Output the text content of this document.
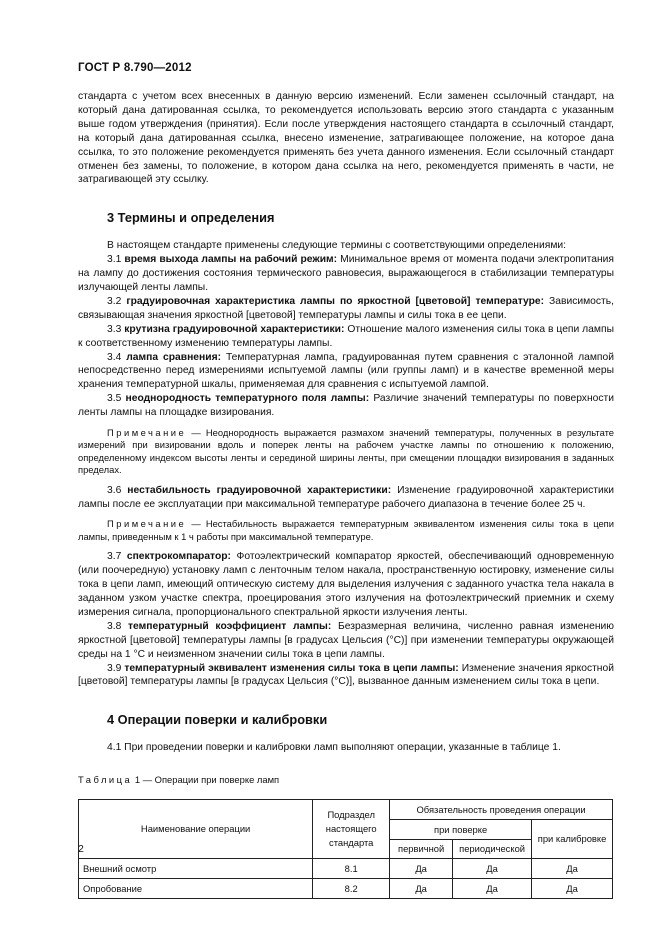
ГОСТ Р 8.790—2012

стандарта с учетом всех внесенных в данную версию изменений. Если заменен ссылочный стандарт, на который дана датированная ссылка, то рекомендуется использовать версию этого стандарта с указанным выше годом утверждения (принятия). Если после утверждения настоящего стандарта в ссылочный стандарт, на который дана датированная ссылка, внесено изменение, затрагивающее положение, на которое дана ссылка, то это положение рекомендуется применять без учета данного изменения. Если ссылочный стандарт отменен без замены, то положение, в котором дана ссылка на него, рекомендуется применять в части, не затрагивающей эту ссылку.

3 Термины и определения

В настоящем стандарте применены следующие термины с соответствующими определениями:

3.1 время выхода лампы на рабочий режим: Минимальное время от момента подачи электропитания на лампу до достижения состояния термического равновесия, выражающегося в стабилизации температуры излучающей ленты лампы.

3.2 градуировочная характеристика лампы по яркостной [цветовой] температуре: Зависимость, связывающая значения яркостной [цветовой] температуры лампы и силы тока в ее цепи.

3.3 крутизна градуировочной характеристики: Отношение малого изменения силы тока в цепи лампы к соответственному изменению температуры лампы.

3.4 лампа сравнения: Температурная лампа, градуированная путем сравнения с эталонной лампой непосредственно перед измерениями испытуемой лампы (или группы ламп) и в качестве временной меры хранения температурной шкалы, применяемая для сравнения с испытуемой лампой.

3.5 неоднородность температурного поля лампы: Различие значений температуры по поверхности ленты лампы на площадке визирования.

Примечание — Неоднородность выражается размахом значений температуры, полученных в результате измерений при визировании вдоль и поперек ленты на рабочем участке лампы по отношению к положению, определенному индексом высоты ленты и серединой ширины ленты, при смещении площадки визирования в заданных пределах.

3.6 нестабильность градуировочной характеристики: Изменение градуировочной характеристики лампы после ее эксплуатации при максимальной температуре рабочего диапазона в течение более 25 ч.

Примечание — Нестабильность выражается температурным эквивалентом изменения силы тока в цепи лампы, приведенным к 1 ч работы при максимальной температуре.

3.7 спектрокомпаратор: Фотоэлектрический компаратор яркостей, обеспечивающий одновременную (или поочередную) установку ламп с ленточным телом накала, пространственную юстировку, изменение силы тока в цепи ламп, имеющий оптическую систему для выделения излучения с заданного участка тела накала в заданном узком участке спектра, проецирования этого излучения на фотоэлектрический приемник и схему измерения сигнала, пропорционального спектральной яркости излучения ленты.

3.8 температурный коэффициент лампы: Безразмерная величина, численно равная изменению яркостной [цветовой] температуры лампы [в градусах Цельсия (°C)] при изменении температуры окружающей среды на 1 °C и неизменном значении силы тока в цепи лампы.

3.9 температурный эквивалент изменения силы тока в цепи лампы: Изменение значения яркостной [цветовой] температуры лампы [в градусах Цельсия (°C)], вызванное данным изменением силы тока в цепи.

4 Операции поверки и калибровки

4.1 При проведении поверки и калибровки ламп выполняют операции, указанные в таблице 1.

Таблица 1 — Операции при поверке ламп
Наименование операции	Подраздел настоящего стандарта	Обязательность проведения операции		
		при поверке		при калибровке
		первичной	периодической	
Внешний осмотр	8.1	Да	Да	Да
Опробование	8.2	Да	Да	Да
2
